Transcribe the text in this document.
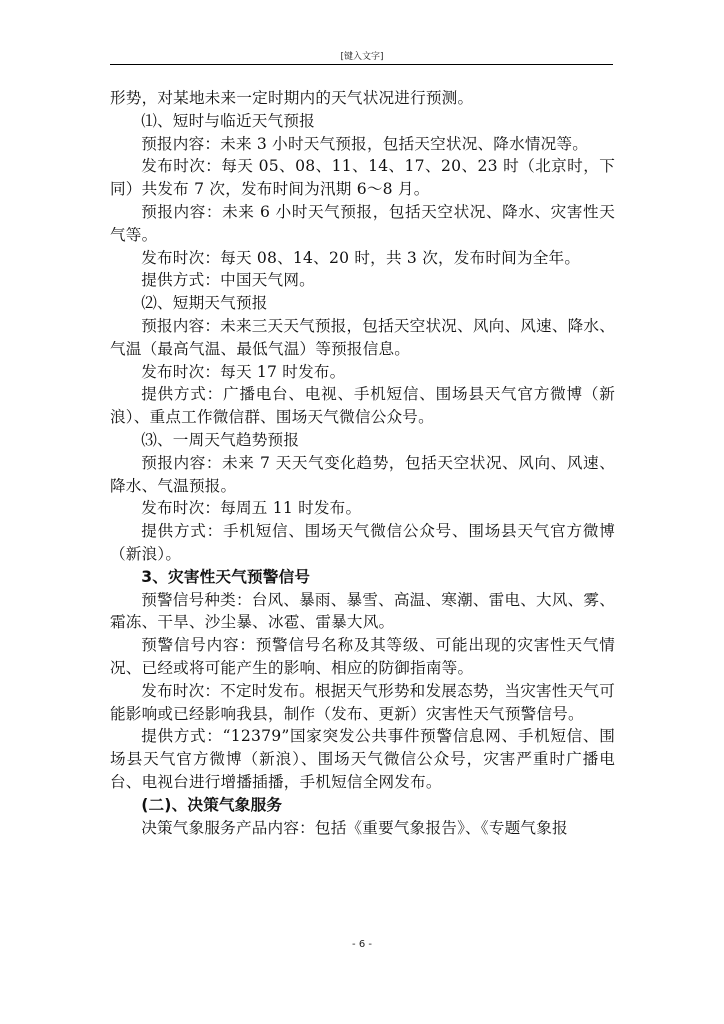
[键入文字]

形势，对某地未来一定时期内的天气状况进行预测。

⑴、短时与临近天气预报

预报内容：未来 3 小时天气预报，包括天空状况、降水情况等。

发布时次：每天 05、08、11、14、17、20、23 时（北京时，下同）共发布 7 次，发布时间为汛期 6～8 月。

预报内容：未来 6 小时天气预报，包括天空状况、降水、灾害性天气等。

发布时次：每天 08、14、20 时，共 3 次，发布时间为全年。

提供方式：中国天气网。

⑵、短期天气预报

预报内容：未来三天天气预报，包括天空状况、风向、风速、降水、气温（最高气温、最低气温）等预报信息。

发布时次：每天 17 时发布。

提供方式：广播电台、电视、手机短信、围场县天气官方微博（新浪）、重点工作微信群、围场天气微信公众号。

⑶、一周天气趋势预报

预报内容：未来 7 天天气变化趋势，包括天空状况、风向、风速、降水、气温预报。

发布时次：每周五 11 时发布。

提供方式：手机短信、围场天气微信公众号、围场县天气官方微博（新浪）。

3、灾害性天气预警信号

预警信号种类：台风、暴雨、暴雪、高温、寒潮、雷电、大风、雾、霜冻、干旱、沙尘暴、冰雹、雷暴大风。

预警信号内容：预警信号名称及其等级、可能出现的灾害性天气情况、已经或将可能产生的影响、相应的防御指南等。

发布时次：不定时发布。根据天气形势和发展态势，当灾害性天气可能影响或已经影响我县，制作（发布、更新）灾害性天气预警信号。

提供方式：“12379”国家突发公共事件预警信息网、手机短信、围场县天气官方微博（新浪）、围场天气微信公众号，灾害严重时广播电台、电视台进行增播插播，手机短信全网发布。

(二)、决策气象服务

决策气象服务产品内容：包括《重要气象报告》、《专题气象报

- 6 -
